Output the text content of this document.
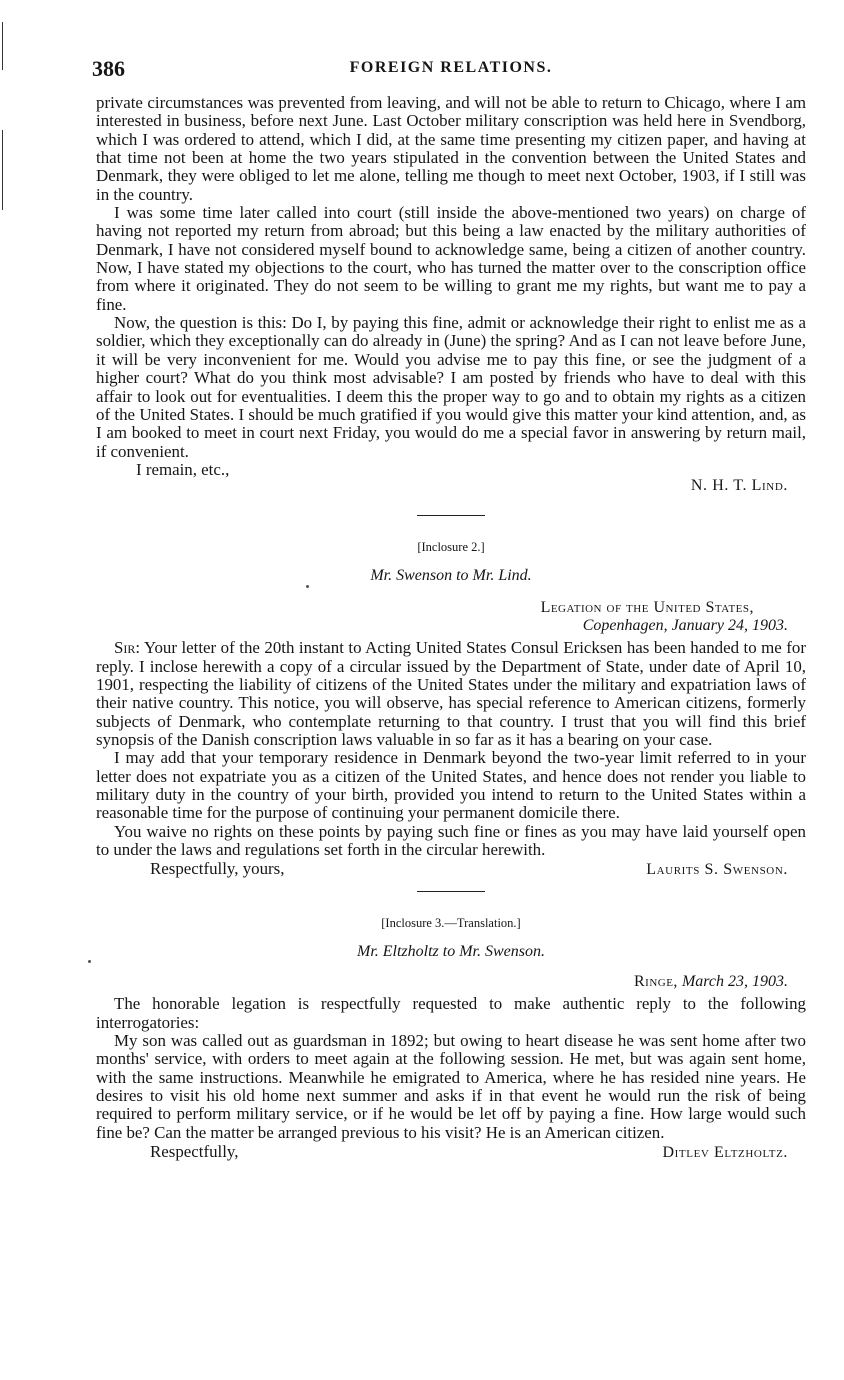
386	FOREIGN RELATIONS.

private circumstances was prevented from leaving, and will not be able to return to Chicago, where I am interested in business, before next June. Last October military conscription was held here in Svendborg, which I was ordered to attend, which I did, at the same time presenting my citizen paper, and having at that time not been at home the two years stipulated in the convention between the United States and Denmark, they were obliged to let me alone, telling me though to meet next October, 1903, if I still was in the country.

I was some time later called into court (still inside the above-mentioned two years) on charge of having not reported my return from abroad; but this being a law enacted by the military authorities of Denmark, I have not considered myself bound to acknowledge same, being a citizen of another country. Now, I have stated my objections to the court, who has turned the matter over to the conscription office from where it originated. They do not seem to be willing to grant me my rights, but want me to pay a fine.

Now, the question is this: Do I, by paying this fine, admit or acknowledge their right to enlist me as a soldier, which they exceptionally can do already in (June) the spring? And as I can not leave before June, it will be very inconvenient for me. Would you advise me to pay this fine, or see the judgment of a higher court? What do you think most advisable? I am posted by friends who have to deal with this affair to look out for eventualities. I deem this the proper way to go and to obtain my rights as a citizen of the United States. I should be much gratified if you would give this matter your kind attention, and, as I am booked to meet in court next Friday, you would do me a special favor in answering by return mail, if convenient.

I remain, etc.,

N. H. T. Lind.
[Inclosure 2.]
Mr. Swenson to Mr. Lind.
Legation of the United States,
Copenhagen, January 24, 1903.

Sir: Your letter of the 20th instant to Acting United States Consul Ericksen has been handed to me for reply. I inclose herewith a copy of a circular issued by the Department of State, under date of April 10, 1901, respecting the liability of citizens of the United States under the military and expatriation laws of their native country. This notice, you will observe, has special reference to American citizens, formerly subjects of Denmark, who contemplate returning to that country. I trust that you will find this brief synopsis of the Danish conscription laws valuable in so far as it has a bearing on your case.

I may add that your temporary residence in Denmark beyond the two-year limit referred to in your letter does not expatriate you as a citizen of the United States, and hence does not render you liable to military duty in the country of your birth, provided you intend to return to the United States within a reasonable time for the purpose of continuing your permanent domicile there.

You waive no rights on these points by paying such fine or fines as you may have laid yourself open to under the laws and regulations set forth in the circular herewith.

Respectfully, yours,	Laurits S. Swenson.
[Inclosure 3.—Translation.]
Mr. Eltzholtz to Mr. Swenson.
Ringe, March 23, 1903.

The honorable legation is respectfully requested to make authentic reply to the following interrogatories:

My son was called out as guardsman in 1892; but owing to heart disease he was sent home after two months' service, with orders to meet again at the following session. He met, but was again sent home, with the same instructions. Meanwhile he emigrated to America, where he has resided nine years. He desires to visit his old home next summer and asks if in that event he would run the risk of being required to perform military service, or if he would be let off by paying a fine. How large would such fine be? Can the matter be arranged previous to his visit? He is an American citizen.

Respectfully,	Ditlev Eltzholtz.
